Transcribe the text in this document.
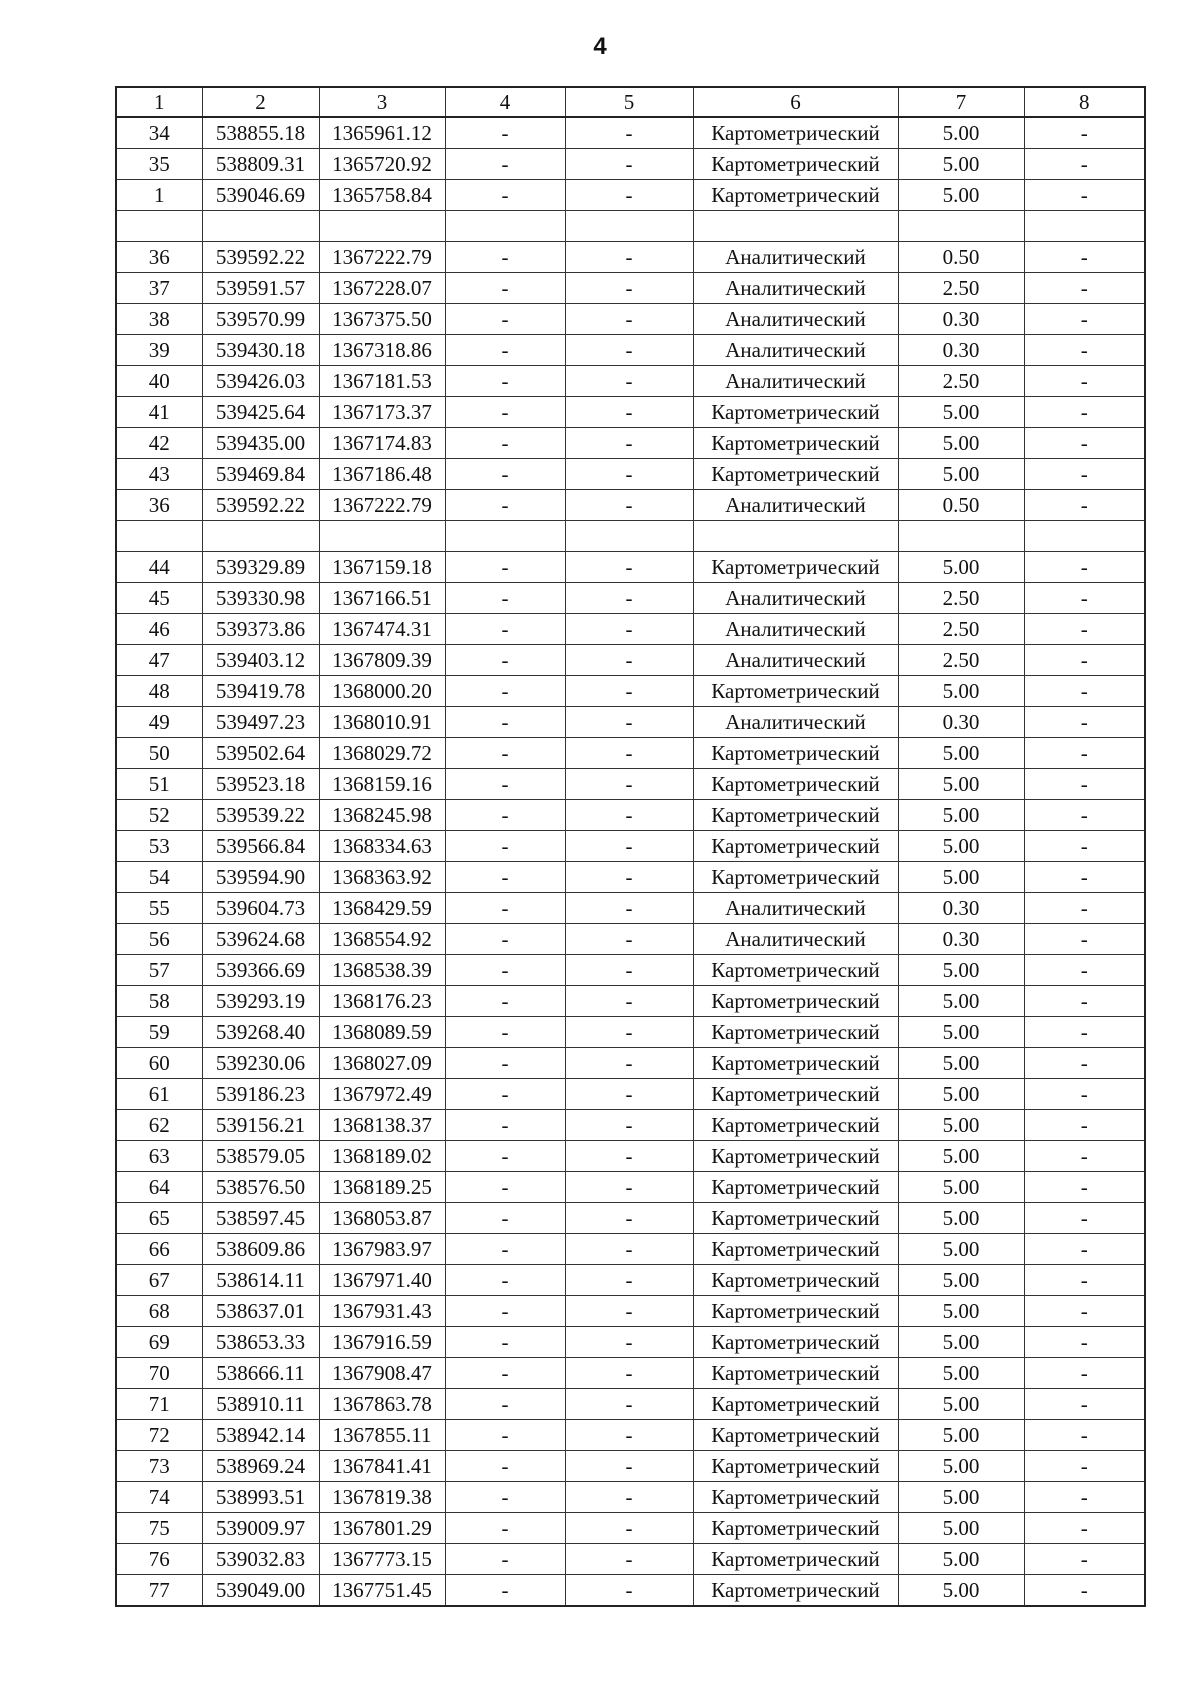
4
1	2	3	4	5	6	7	8
34	538855.18	1365961.12	-	-	Картометрический	5.00	-
35	538809.31	1365720.92	-	-	Картометрический	5.00	-
1	539046.69	1365758.84	-	-	Картометрический	5.00	-

36	539592.22	1367222.79	-	-	Аналитический	0.50	-
37	539591.57	1367228.07	-	-	Аналитический	2.50	-
38	539570.99	1367375.50	-	-	Аналитический	0.30	-
39	539430.18	1367318.86	-	-	Аналитический	0.30	-
40	539426.03	1367181.53	-	-	Аналитический	2.50	-
41	539425.64	1367173.37	-	-	Картометрический	5.00	-
42	539435.00	1367174.83	-	-	Картометрический	5.00	-
43	539469.84	1367186.48	-	-	Картометрический	5.00	-
36	539592.22	1367222.79	-	-	Аналитический	0.50	-

44	539329.89	1367159.18	-	-	Картометрический	5.00	-
45	539330.98	1367166.51	-	-	Аналитический	2.50	-
46	539373.86	1367474.31	-	-	Аналитический	2.50	-
47	539403.12	1367809.39	-	-	Аналитический	2.50	-
48	539419.78	1368000.20	-	-	Картометрический	5.00	-
49	539497.23	1368010.91	-	-	Аналитический	0.30	-
50	539502.64	1368029.72	-	-	Картометрический	5.00	-
51	539523.18	1368159.16	-	-	Картометрический	5.00	-
52	539539.22	1368245.98	-	-	Картометрический	5.00	-
53	539566.84	1368334.63	-	-	Картометрический	5.00	-
54	539594.90	1368363.92	-	-	Картометрический	5.00	-
55	539604.73	1368429.59	-	-	Аналитический	0.30	-
56	539624.68	1368554.92	-	-	Аналитический	0.30	-
57	539366.69	1368538.39	-	-	Картометрический	5.00	-
58	539293.19	1368176.23	-	-	Картометрический	5.00	-
59	539268.40	1368089.59	-	-	Картометрический	5.00	-
60	539230.06	1368027.09	-	-	Картометрический	5.00	-
61	539186.23	1367972.49	-	-	Картометрический	5.00	-
62	539156.21	1368138.37	-	-	Картометрический	5.00	-
63	538579.05	1368189.02	-	-	Картометрический	5.00	-
64	538576.50	1368189.25	-	-	Картометрический	5.00	-
65	538597.45	1368053.87	-	-	Картометрический	5.00	-
66	538609.86	1367983.97	-	-	Картометрический	5.00	-
67	538614.11	1367971.40	-	-	Картометрический	5.00	-
68	538637.01	1367931.43	-	-	Картометрический	5.00	-
69	538653.33	1367916.59	-	-	Картометрический	5.00	-
70	538666.11	1367908.47	-	-	Картометрический	5.00	-
71	538910.11	1367863.78	-	-	Картометрический	5.00	-
72	538942.14	1367855.11	-	-	Картометрический	5.00	-
73	538969.24	1367841.41	-	-	Картометрический	5.00	-
74	538993.51	1367819.38	-	-	Картометрический	5.00	-
75	539009.97	1367801.29	-	-	Картометрический	5.00	-
76	539032.83	1367773.15	-	-	Картометрический	5.00	-
77	539049.00	1367751.45	-	-	Картометрический	5.00	-
